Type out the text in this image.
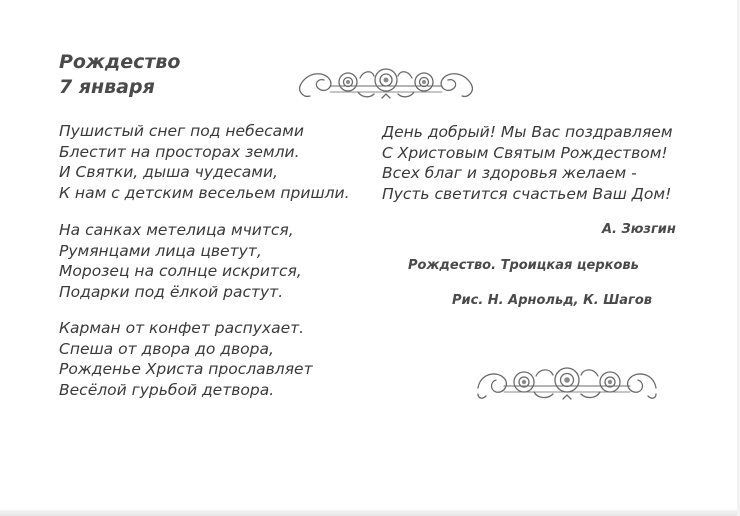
Рождество
7 января
Пушистый снег под небесами
Блестит на просторах земли.
И Святки, дыша чудесами,
К нам с детским весельем пришли.
На санках метелица мчится,
Румянцами лица цветут,
Морозец на солнце искрится,
Подарки под ёлкой растут.
Карман от конфет распухает.
Спеша от двора до двора,
Рожденье Христа прославляет
Весёлой гурьбой детвора.
День добрый! Мы Вас поздравляем
С Христовым Святым Рождеством!
Всех благ и здоровья желаем -
Пусть светится счастьем Ваш Дом!
А. Зюзгин
Рождество. Троицкая церковь
Рис. Н. Арнольд, К. Шагов
